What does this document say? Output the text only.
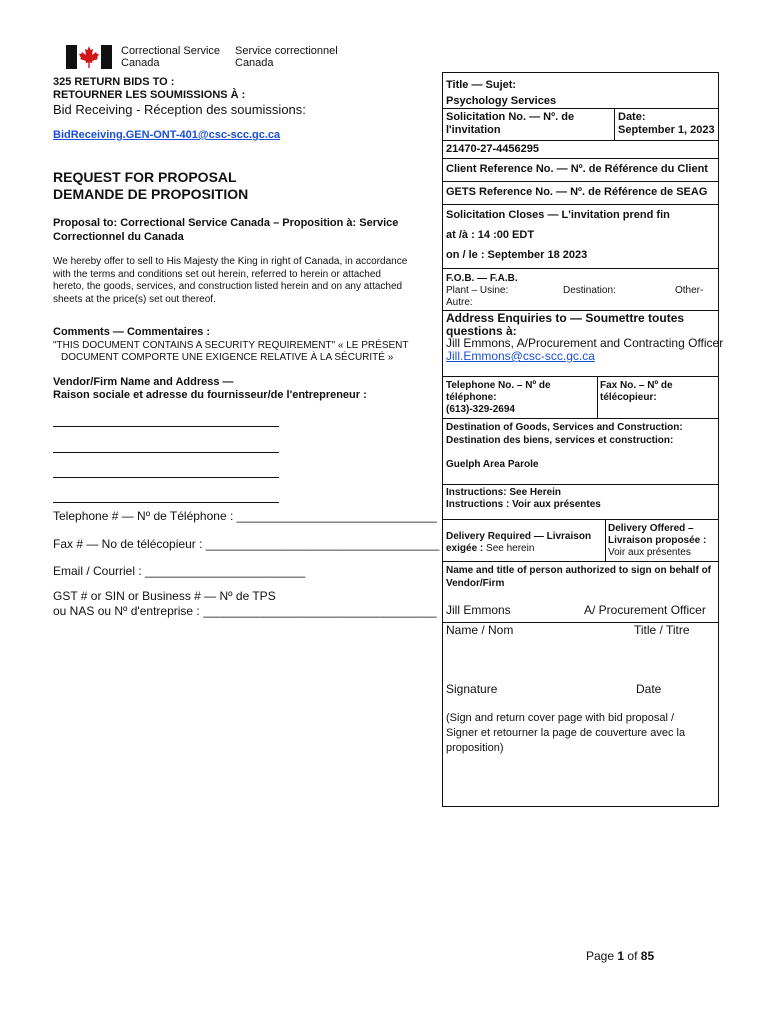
Correctional Service
Canada
Service correctionnel
Canada
325 RETURN BIDS TO :
RETOURNER LES SOUMISSIONS À :
Bid Receiving - Réception des soumissions:
BidReceiving.GEN-ONT-401@csc-scc.gc.ca
REQUEST FOR PROPOSAL
DEMANDE DE PROPOSITION
Proposal to: Correctional Service Canada – Proposition à: Service
Correctionnel du Canada
We hereby offer to sell to His Majesty the King in right of Canada, in accordance
with the terms and conditions set out herein, referred to herein or attached
hereto, the goods, services, and construction listed herein and on any attached
sheets at the price(s) set out thereof.
Comments — Commentaires :
"THIS DOCUMENT CONTAINS A SECURITY REQUIREMENT" « LE PRÉSENT
DOCUMENT COMPORTE UNE EXIGENCE RELATIVE À LA SÉCURITÉ »
Vendor/Firm Name and Address —
Raison sociale et adresse du fournisseur/de l'entrepreneur :
Telephone # — Nº de Téléphone : ______________________________
Fax # — No de télécopieur : ___________________________________
Email / Courriel : ________________________
GST # or SIN or Business # — Nº de TPS
ou NAS ou Nº d'entreprise : ___________________________________
Title — Sujet:
Psychology Services
Solicitation No. — Nº. de
l'invitation
Date:
September 1, 2023
21470-27-4456295
Client Reference No. — Nº. de Référence du Client
GETS Reference No. — Nº. de Référence de SEAG
Solicitation Closes — L'invitation prend fin
at /à : 14 :00 EDT
on / le : September 18 2023
F.O.B. — F.A.B.
Plant – Usine:	Destination:	Other-
Autre:
Address Enquiries to — Soumettre toutes
questions à:
Jill Emmons, A/Procurement and Contracting Officer
Jill.Emmons@csc-scc.gc.ca
Telephone No. – Nº de
téléphone:
(613)-329-2694
Fax No. – Nº de
télécopieur:
Destination of Goods, Services and Construction:
Destination des biens, services et construction:
Guelph Area Parole
Instructions: See Herein
Instructions : Voir aux présentes
Delivery Required — Livraison
exigée : See herein
Delivery Offered –
Livraison proposée :
Voir aux présentes
Name and title of person authorized to sign on behalf of
Vendor/Firm
Jill Emmons	A/ Procurement Officer
Name / Nom	Title / Titre
Signature	Date
(Sign and return cover page with bid proposal /
Signer et retourner la page de couverture avec la
proposition)
Page 1 of 85
